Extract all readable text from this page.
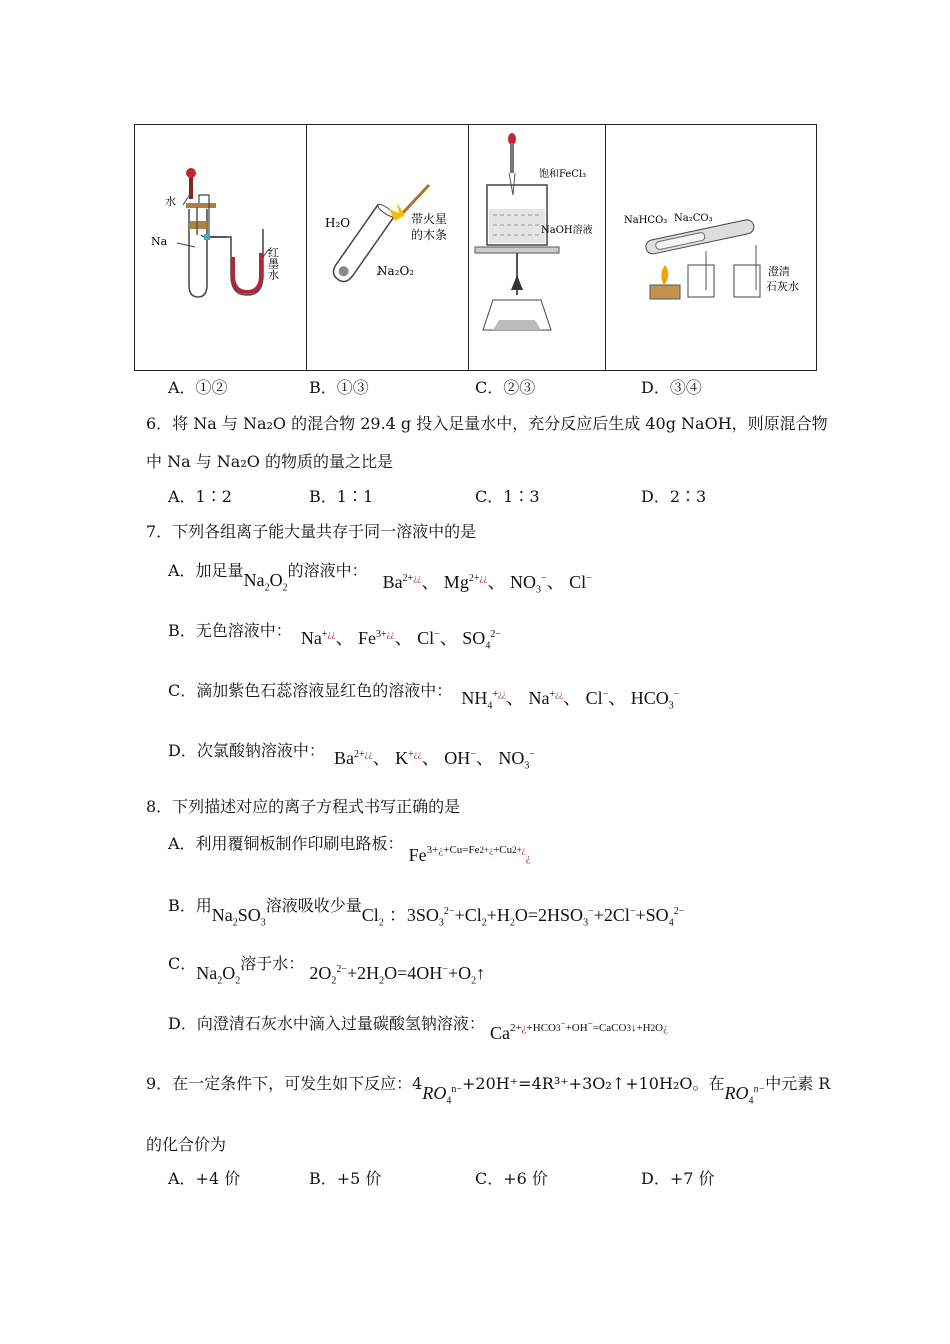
水
Na
红墨水
H₂O
Na₂O₂
带火星
的木条
饱和FeCl₃
NaOH溶液
NaHCO₃ Na₂CO₃
澄清
石灰水
A．①②	B．①③	C．②③	D．③④
6．将 Na 与 Na₂O 的混合物 29.4 g 投入足量水中，充分反应后生成 40g NaOH，则原混合物
中 Na 与 Na₂O 的物质的量之比是
A．1∶2	B．1∶1	C．1∶3	D．2∶3
7．下列各组离子能大量共存于同一溶液中的是
A．加足量$Na_2O_2$的溶液中： $Ba^{2+¿¿}$、 $Mg^{2+¿¿}$、 $NO_3^-$、 Cl−
B．无色溶液中： Na+¿¿、 $Fe^{3+¿¿}$、 Cl−、 $SO_4^{2-}$
C．滴加紫色石蕊溶液显红色的溶液中： $NH_4^{+¿¿}$、 Na+¿¿、 Cl−、 $HCO_3^-$
D．次氯酸钠溶液中： $Ba^{2+¿¿}$、 K+¿¿、 OH−、 $NO_3^-$
8．下列描述对应的离子方程式书写正确的是
A．利用覆铜板制作印刷电路板： $Fe^{3+¿+Cu=Fe2+¿+Cu2+¿}¿$
B．用$Na_2SO_3$溶液吸收少量$Cl_2$ ：$3SO_3^{2-}+Cl_2+H_2O=2HSO_3^-+2Cl^-+SO_4^{2-}$
C．$Na_2O_2$溶于水： $2O_2^{2-}+2H_2O=4OH^-+O_2↑$
D．向澄清石灰水中滴入过量碳酸氢钠溶液： $Ca^{2+¿+HCO3^-+OH^-=CaCO3↓+H2O¿}$
9．在一定条件下，可发生如下反应：$4RO_4^{n-}+20H^+=4R^{3+}+3O_2↑+10H_2O$。在$RO_4^{n-}$中元素 R
的化合价为
A．+4 价	B．+5 价	C．+6 价	D．+7 价
